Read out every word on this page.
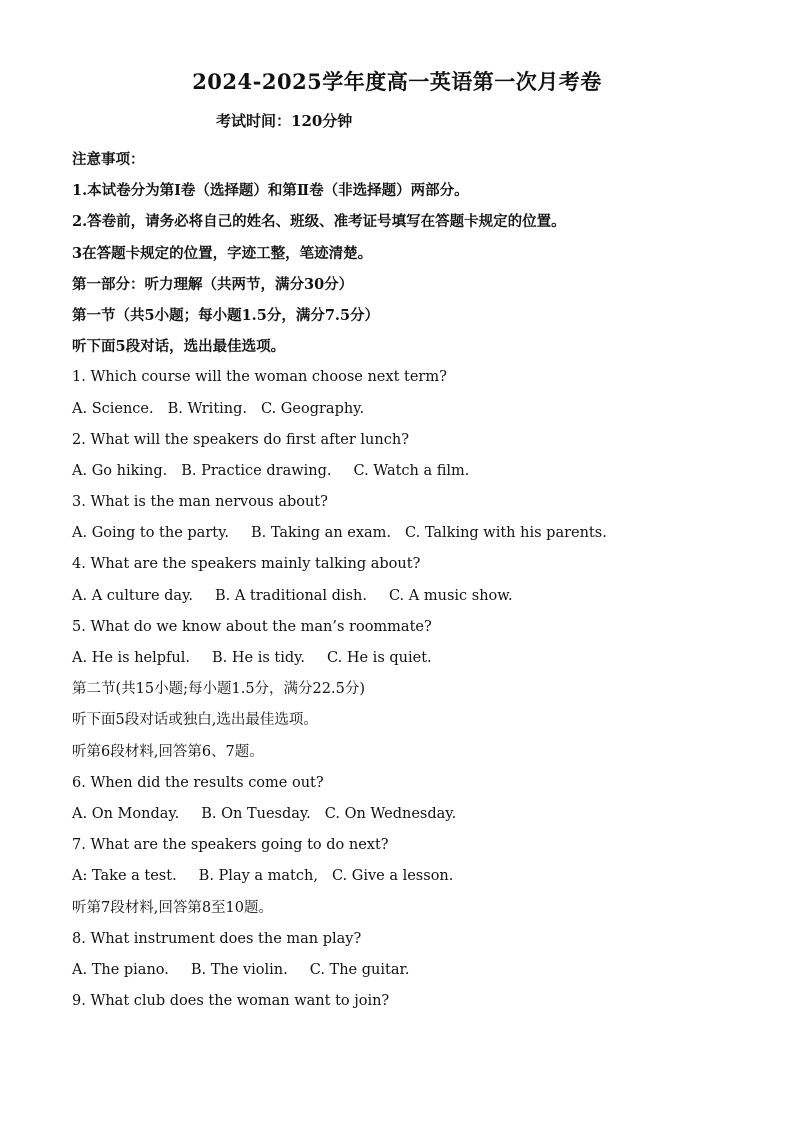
2024-2025学年度高一英语第一次月考卷
考试时间：120分钟
注意事项：
1.本试卷分为第I卷（选择题）和第Ⅱ卷（非选择题）两部分。
2.答卷前，请务必将自己的姓名、班级、准考证号填写在答题卡规定的位置。
3在答题卡规定的位置，字迹工整，笔迹清楚。
第一部分：听力理解（共两节，满分30分）
第一节（共5小题；每小题1.5分，满分7.5分）
听下面5段对话，选出最佳选项。
1. Which course will the woman choose next term?
A. Science. B. Writing. C. Geography.
2. What will the speakers do first after lunch?
A. Go hiking. B. Practice drawing. C. Watch a film.
3. What is the man nervous about?
A. Going to the party. B. Taking an exam. C. Talking with his parents.
4. What are the speakers mainly talking about?
A. A culture day. B. A traditional dish. C. A music show.
5. What do we know about the man’s roommate?
A. He is helpful. B. He is tidy. C. He is quiet.
第二节(共15小题;每小题1.5分，满分22.5分)
听下面5段对话或独白,选出最佳选项。
听第6段材料,回答第6、7题。
6. When did the results come out?
A. On Monday. B. On Tuesday. C. On Wednesday.
7. What are the speakers going to do next?
A: Take a test. B. Play a match, C. Give a lesson.
听第7段材料,回答第8至10题。
8. What instrument does the man play?
A. The piano. B. The violin. C. The guitar.
9. What club does the woman want to join?
